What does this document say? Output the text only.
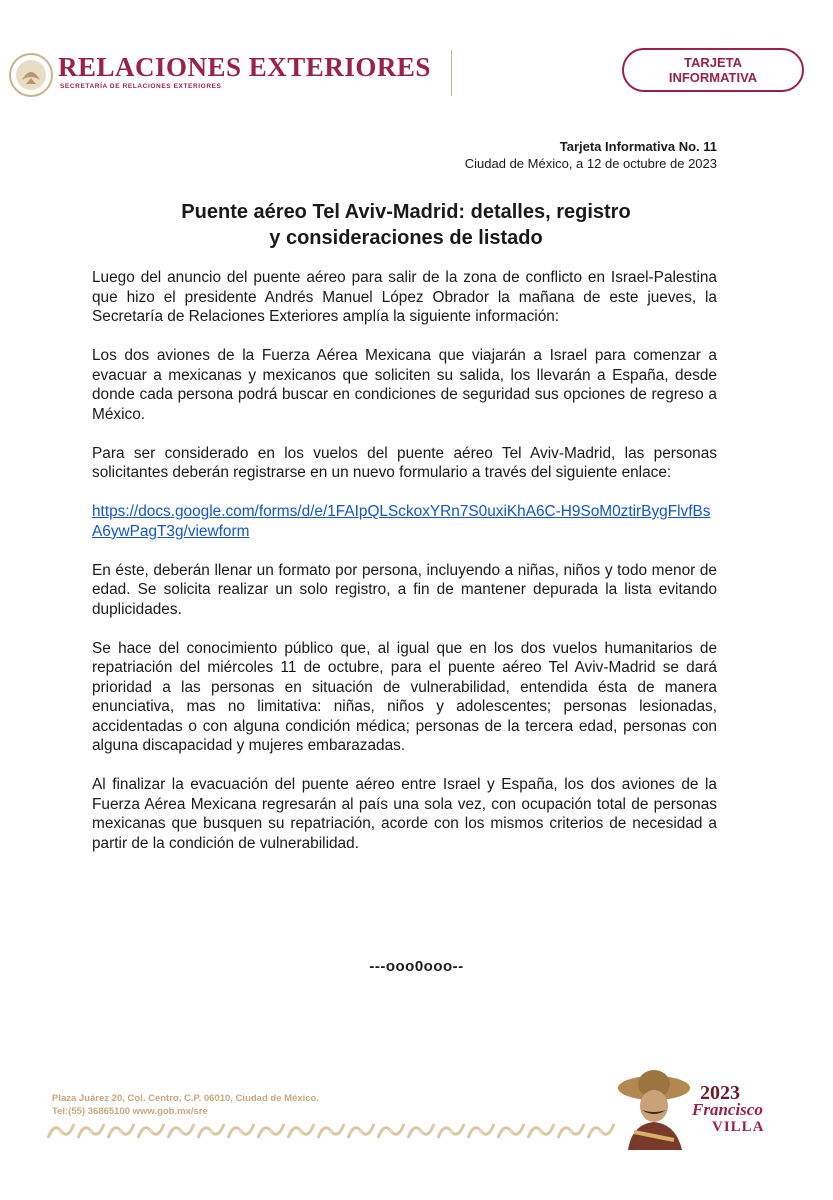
RELACIONES EXTERIORES
SECRETARÍA DE RELACIONES EXTERIORES
TARJETA
INFORMATIVA
Tarjeta Informativa No. 11
Ciudad de México, a 12 de octubre de 2023
Puente aéreo Tel Aviv-Madrid: detalles, registro
y consideraciones de listado

Luego del anuncio del puente aéreo para salir de la zona de conflicto en Israel-Palestina que hizo el presidente Andrés Manuel López Obrador la mañana de este jueves, la Secretaría de Relaciones Exteriores amplía la siguiente información:

Los dos aviones de la Fuerza Aérea Mexicana que viajarán a Israel para comenzar a evacuar a mexicanas y mexicanos que soliciten su salida, los llevarán a España, desde donde cada persona podrá buscar en condiciones de seguridad sus opciones de regreso a México.

Para ser considerado en los vuelos del puente aéreo Tel Aviv-Madrid, las personas solicitantes deberán registrarse en un nuevo formulario a través del siguiente enlace:

https://docs.google.com/forms/d/e/1FAIpQLSckoxYRn7S0uxiKhA6C-H9SoM0ztirBygFlvfBsA6ywPagT3g/viewform

En éste, deberán llenar un formato por persona, incluyendo a niñas, niños y todo menor de edad. Se solicita realizar un solo registro, a fin de mantener depurada la lista evitando duplicidades.

Se hace del conocimiento público que, al igual que en los dos vuelos humanitarios de repatriación del miércoles 11 de octubre, para el puente aéreo Tel Aviv-Madrid se dará prioridad a las personas en situación de vulnerabilidad, entendida ésta de manera enunciativa, mas no limitativa: niñas, niños y adolescentes; personas lesionadas, accidentadas o con alguna condición médica; personas de la tercera edad, personas con alguna discapacidad y mujeres embarazadas.

Al finalizar la evacuación del puente aéreo entre Israel y España, los dos aviones de la Fuerza Aérea Mexicana regresarán al país una sola vez, con ocupación total de personas mexicanas que busquen su repatriación, acorde con los mismos criterios de necesidad a partir de la condición de vulnerabilidad.

---ooo0ooo--
Plaza Juárez 20, Col. Centro, C.P. 06010, Ciudad de México.
Tel:(55) 36865100 www.gob.mx/sre
2023
Francisco
VILLA
